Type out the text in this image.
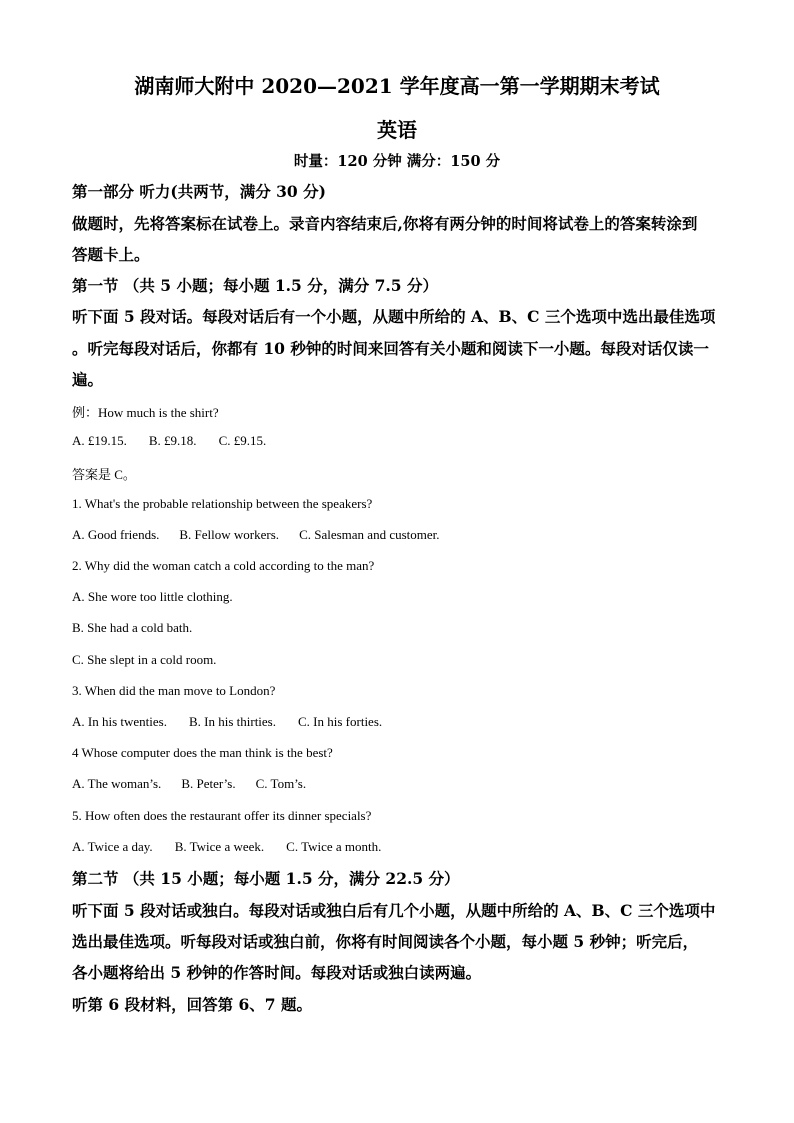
湖南师大附中 2020—2021 学年度高一第一学期期末考试
英语
时量：120 分钟 满分：150 分
第一部分 听力(共两节，满分 30 分)
做题时，先将答案标在试卷上。录音内容结束后,你将有两分钟的时间将试卷上的答案转涂到
答题卡上。
第一节 （共 5 小题；每小题 1.5 分，满分 7.5 分）
听下面 5 段对话。每段对话后有一个小题，从题中所给的 A、B、C 三个选项中选出最佳选项
。听完每段对话后，你都有 10 秒钟的时间来回答有关小题和阅读下一小题。每段对话仅读一
遍。
例：How much is the shirt?
A. £19.15. B. £9.18. C. £9.15.
答案是 C。
1. What's the probable relationship between the speakers?
A. Good friends. B. Fellow workers. C. Salesman and customer.
2. Why did the woman catch a cold according to the man?
A. She wore too little clothing.
B. She had a cold bath.
C. She slept in a cold room.
3. When did the man move to London?
A. In his twenties. B. In his thirties. C. In his forties.
4 Whose computer does the man think is the best?
A. The woman’s. B. Peter’s. C. Tom’s.
5. How often does the restaurant offer its dinner specials?
A. Twice a day. B. Twice a week. C. Twice a month.
第二节 （共 15 小题；每小题 1.5 分，满分 22.5 分）
听下面 5 段对话或独白。每段对话或独白后有几个小题，从题中所给的 A、B、C 三个选项中
选出最佳选项。听每段对话或独白前，你将有时间阅读各个小题，每小题 5 秒钟；听完后，
各小题将给出 5 秒钟的作答时间。每段对话或独白读两遍。
听第 6 段材料，回答第 6、7 题。
